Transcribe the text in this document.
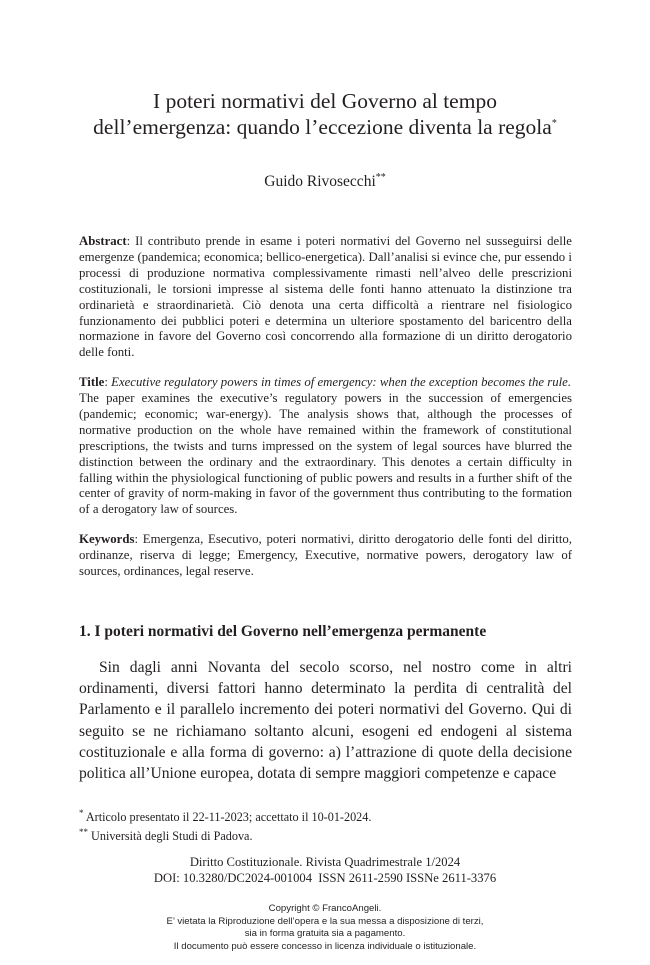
I poteri normativi del Governo al tempo
dell’emergenza: quando l’eccezione diventa la regola*

Guido Rivosecchi**

Abstract: Il contributo prende in esame i poteri normativi del Governo nel susseguirsi delle emergenze (pandemica; economica; bellico-energetica). Dall’analisi si evince che, pur essendo i processi di produzione normativa complessivamente rimasti nell’alveo delle prescrizioni costituzionali, le torsioni impresse al sistema delle fonti hanno attenuato la distinzione tra ordinarietà e straordinarietà. Ciò denota una certa difficoltà a rientrare nel fisiologico funzionamento dei pubblici poteri e determina un ulteriore spostamento del baricentro della normazione in favore del Governo così concorrendo alla formazione di un diritto derogatorio delle fonti.

Title: Executive regulatory powers in times of emergency: when the exception becomes the rule.

The paper examines the executive’s regulatory powers in the succession of emergencies (pandemic; economic; war-energy). The analysis shows that, although the processes of normative production on the whole have remained within the framework of constitutional prescriptions, the twists and turns impressed on the system of legal sources have blurred the distinction between the ordinary and the extraordinary. This denotes a certain difficulty in falling within the physiological functioning of public powers and results in a further shift of the center of gravity of norm-making in favor of the government thus contributing to the formation of a derogatory law of sources.

Keywords: Emergenza, Esecutivo, poteri normativi, diritto derogatorio delle fonti del diritto, ordinanze, riserva di legge; Emergency, Executive, normative powers, derogatory law of sources, ordinances, legal reserve.

1. I poteri normativi del Governo nell’emergenza permanente

Sin dagli anni Novanta del secolo scorso, nel nostro come in altri ordinamenti, diversi fattori hanno determinato la perdita di centralità del Parlamento e il parallelo incremento dei poteri normativi del Governo. Qui di seguito se ne richiamano soltanto alcuni, esogeni ed endogeni al sistema costituzionale e alla forma di governo: a) l’attrazione di quote della decisione politica all’Unione europea, dotata di sempre maggiori competenze e capace

* Articolo presentato il 22-11-2023; accettato il 10-01-2024.

** Università degli Studi di Padova.

Diritto Costituzionale. Rivista Quadrimestrale 1/2024

DOI: 10.3280/DC2024-001004  ISSN 2611-2590 ISSNe 2611-3376

Copyright © FrancoAngeli.

E’ vietata la Riproduzione dell’opera e la sua messa a disposizione di terzi,

sia in forma gratuita sia a pagamento.

Il documento può essere concesso in licenza individuale o istituzionale.
